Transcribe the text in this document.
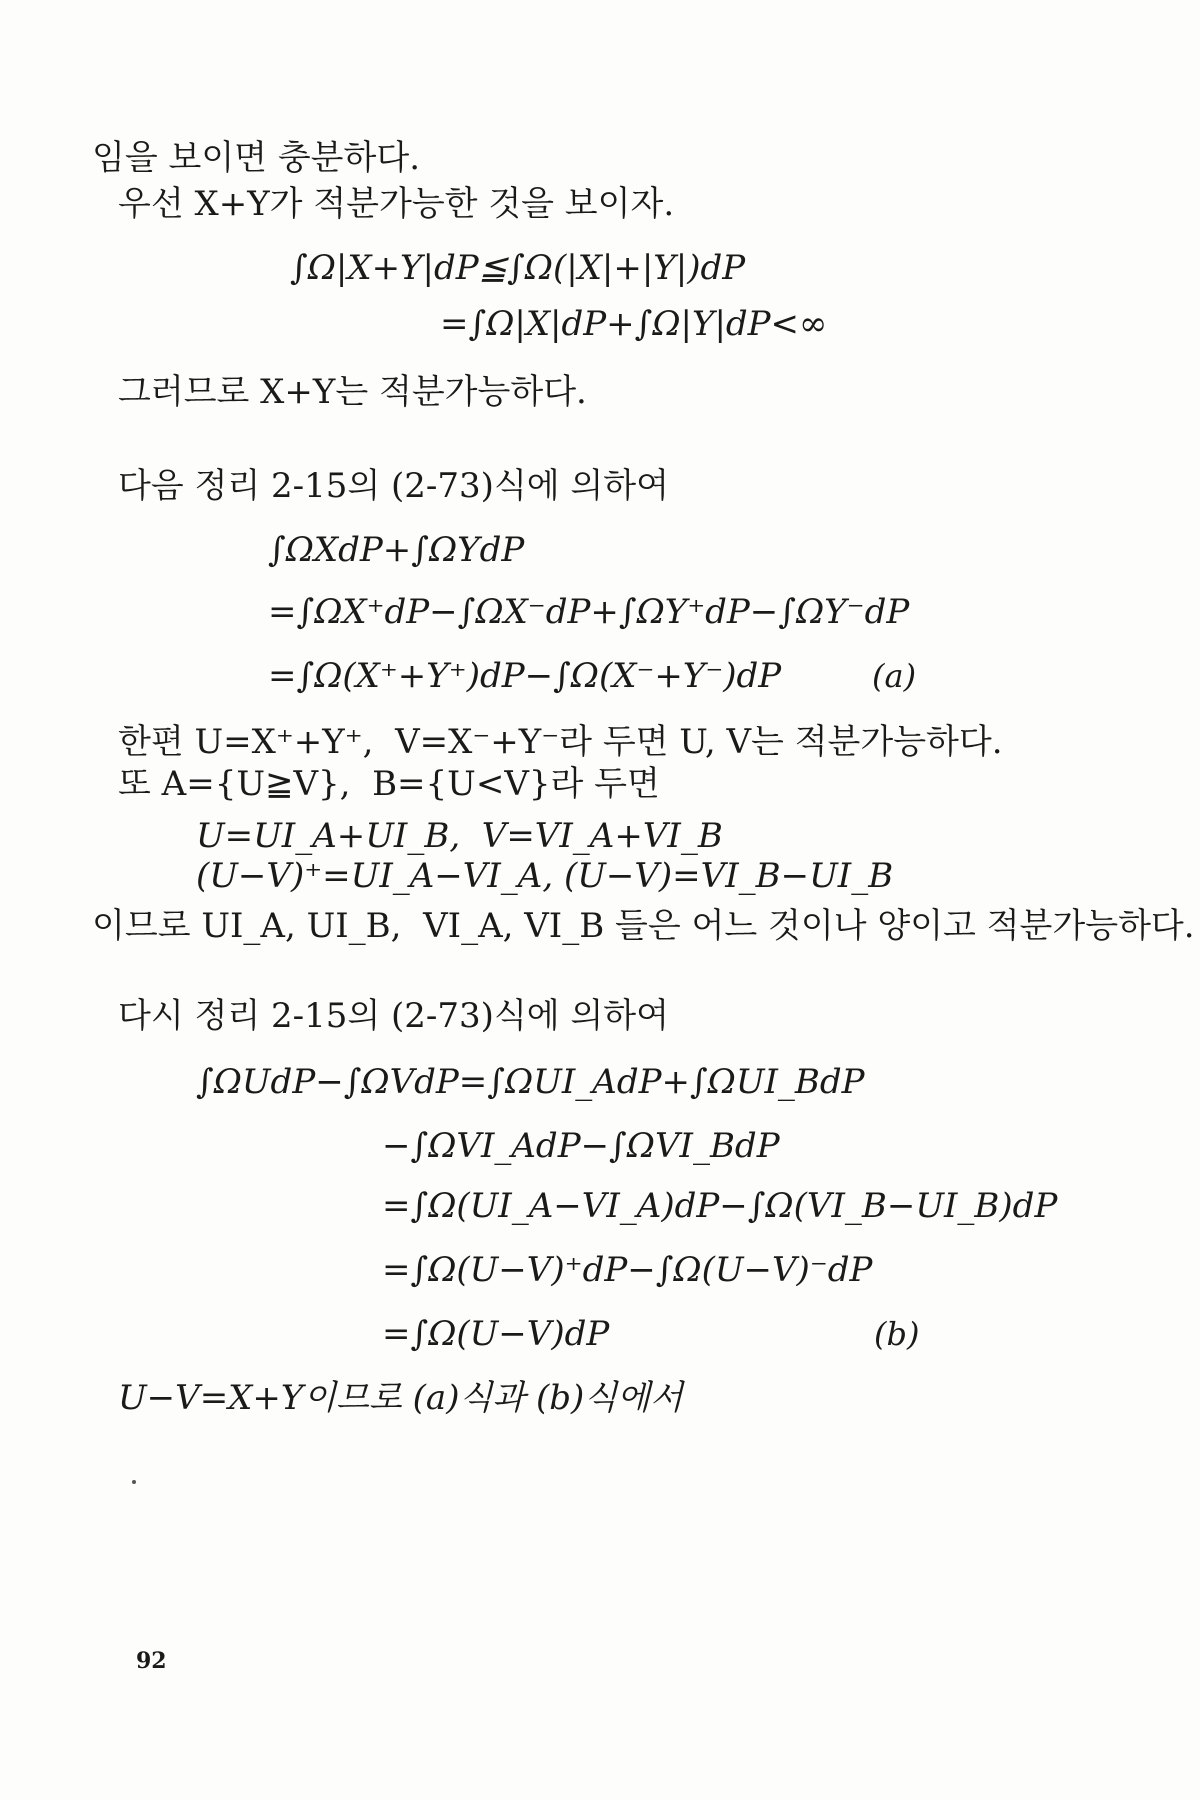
임을 보이면 충분하다.
우선 X+Y가 적분가능한 것을 보이자.
∫Ω|X+Y|dP≦∫Ω(|X|+|Y|)dP
=∫Ω|X|dP+∫Ω|Y|dP<∞
그러므로 X+Y는 적분가능하다.
다음 정리 2-15의 (2-73)식에 의하여
∫ΩXdP+∫ΩYdP
=∫ΩX⁺dP−∫ΩX⁻dP+∫ΩY⁺dP−∫ΩY⁻dP
=∫Ω(X⁺+Y⁺)dP−∫Ω(X⁻+Y⁻)dP	(a)
한편 U=X⁺+Y⁺,  V=X⁻+Y⁻라 두면 U, V는 적분가능하다.
또 A={U≧V},  B={U<V}라 두면
U=UI_A+UI_B,  V=VI_A+VI_B
(U−V)⁺=UI_A−VI_A, (U−V)=VI_B−UI_B
이므로 UI_A, UI_B,  VI_A, VI_B 들은 어느 것이나 양이고 적분가능하다.
다시 정리 2-15의 (2-73)식에 의하여
∫ΩUdP−∫ΩVdP=∫ΩUI_AdP+∫ΩUI_BdP
−∫ΩVI_AdP−∫ΩVI_BdP
=∫Ω(UI_A−VI_A)dP−∫Ω(VI_B−UI_B)dP
=∫Ω(U−V)⁺dP−∫Ω(U−V)⁻dP
=∫Ω(U−V)dP	(b)
U−V=X+Y이므로 (a)식과 (b)식에서
92
